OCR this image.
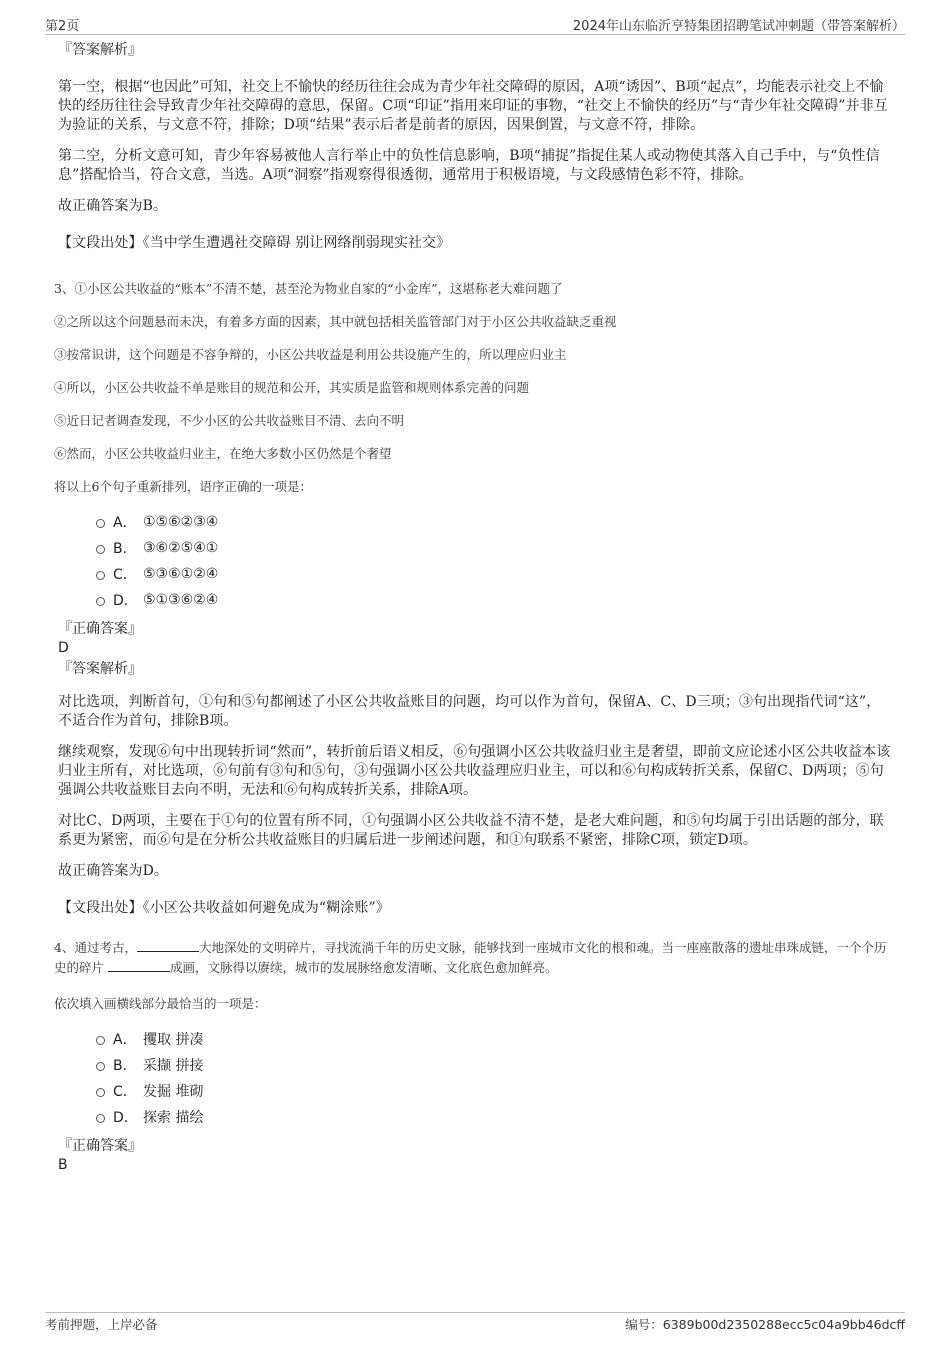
第2页	2024年山东临沂亨特集团招聘笔试冲刺题（带答案解析）
『答案解析』
第一空，根据“也因此”可知，社交上不愉快的经历往往会成为青少年社交障碍的原因，A项“诱因”、B项“起点”，均能表示社交上不愉快的经历往往会导致青少年社交障碍的意思，保留。C项“印证”指用来印证的事物，“社交上不愉快的经历”与“青少年社交障碍”并非互为验证的关系，与文意不符，排除；D项“结果”表示后者是前者的原因，因果倒置，与文意不符，排除。
第二空，分析文意可知，青少年容易被他人言行举止中的负性信息影响，B项“捕捉”指捉住某人或动物使其落入自己手中，与“负性信息”搭配恰当，符合文意，当选。A项“洞察”指观察得很透彻，通常用于积极语境，与文段感情色彩不符，排除。
故正确答案为B。
【文段出处】《当中学生遭遇社交障碍 别让网络削弱现实社交》
3、①小区公共收益的“账本”不清不楚，甚至沦为物业自家的“小金库”，这堪称老大难问题了
②之所以这个问题悬而未决，有着多方面的因素，其中就包括相关监管部门对于小区公共收益缺乏重视
③按常识讲，这个问题是不容争辩的，小区公共收益是利用公共设施产生的，所以理应归业主
④所以，小区公共收益不单是账目的规范和公开，其实质是监管和规则体系完善的问题
⑤近日记者调查发现，不少小区的公共收益账目不清、去向不明
⑥然而，小区公共收益归业主，在绝大多数小区仍然是个奢望
将以上6个句子重新排列，语序正确的一项是：
A． ①⑤⑥②③④
B． ③⑥②⑤④①
C． ⑤③⑥①②④
D． ⑤①③⑥②④
『正确答案』
D
『答案解析』
对比选项，判断首句，①句和⑤句都阐述了小区公共收益账目的问题，均可以作为首句，保留A、C、D三项；③句出现指代词“这”，不适合作为首句，排除B项。
继续观察，发现⑥句中出现转折词“然而”，转折前后语义相反，⑥句强调小区公共收益归业主是奢望，即前文应论述小区公共收益本该归业主所有，对比选项，⑥句前有③句和⑤句，③句强调小区公共收益理应归业主，可以和⑥句构成转折关系，保留C、D两项；⑤句强调公共收益账目去向不明，无法和⑥句构成转折关系，排除A项。
对比C、D两项，主要在于①句的位置有所不同，①句强调小区公共收益不清不楚，是老大难问题，和⑤句均属于引出话题的部分，联系更为紧密，而⑥句是在分析公共收益账目的归属后进一步阐述问题，和①句联系不紧密，排除C项，锁定D项。
故正确答案为D。
【文段出处】《小区公共收益如何避免成为“糊涂账”》
4、通过考古，	大地深处的文明碎片，寻找流淌千年的历史文脉，能够找到一座城市文化的根和魂。当一座座散落的遗址串珠成链，一个个历史的碎片	成画，文脉得以赓续，城市的发展脉络愈发清晰、文化底色愈加鲜亮。
依次填入画横线部分最恰当的一项是：
A． 攫取 拼凑
B． 采撷 拼接
C． 发掘 堆砌
D． 探索 描绘
『正确答案』
B
考前押题，上岸必备	编号：6389b00d2350288ecc5c04a9bb46dcff
